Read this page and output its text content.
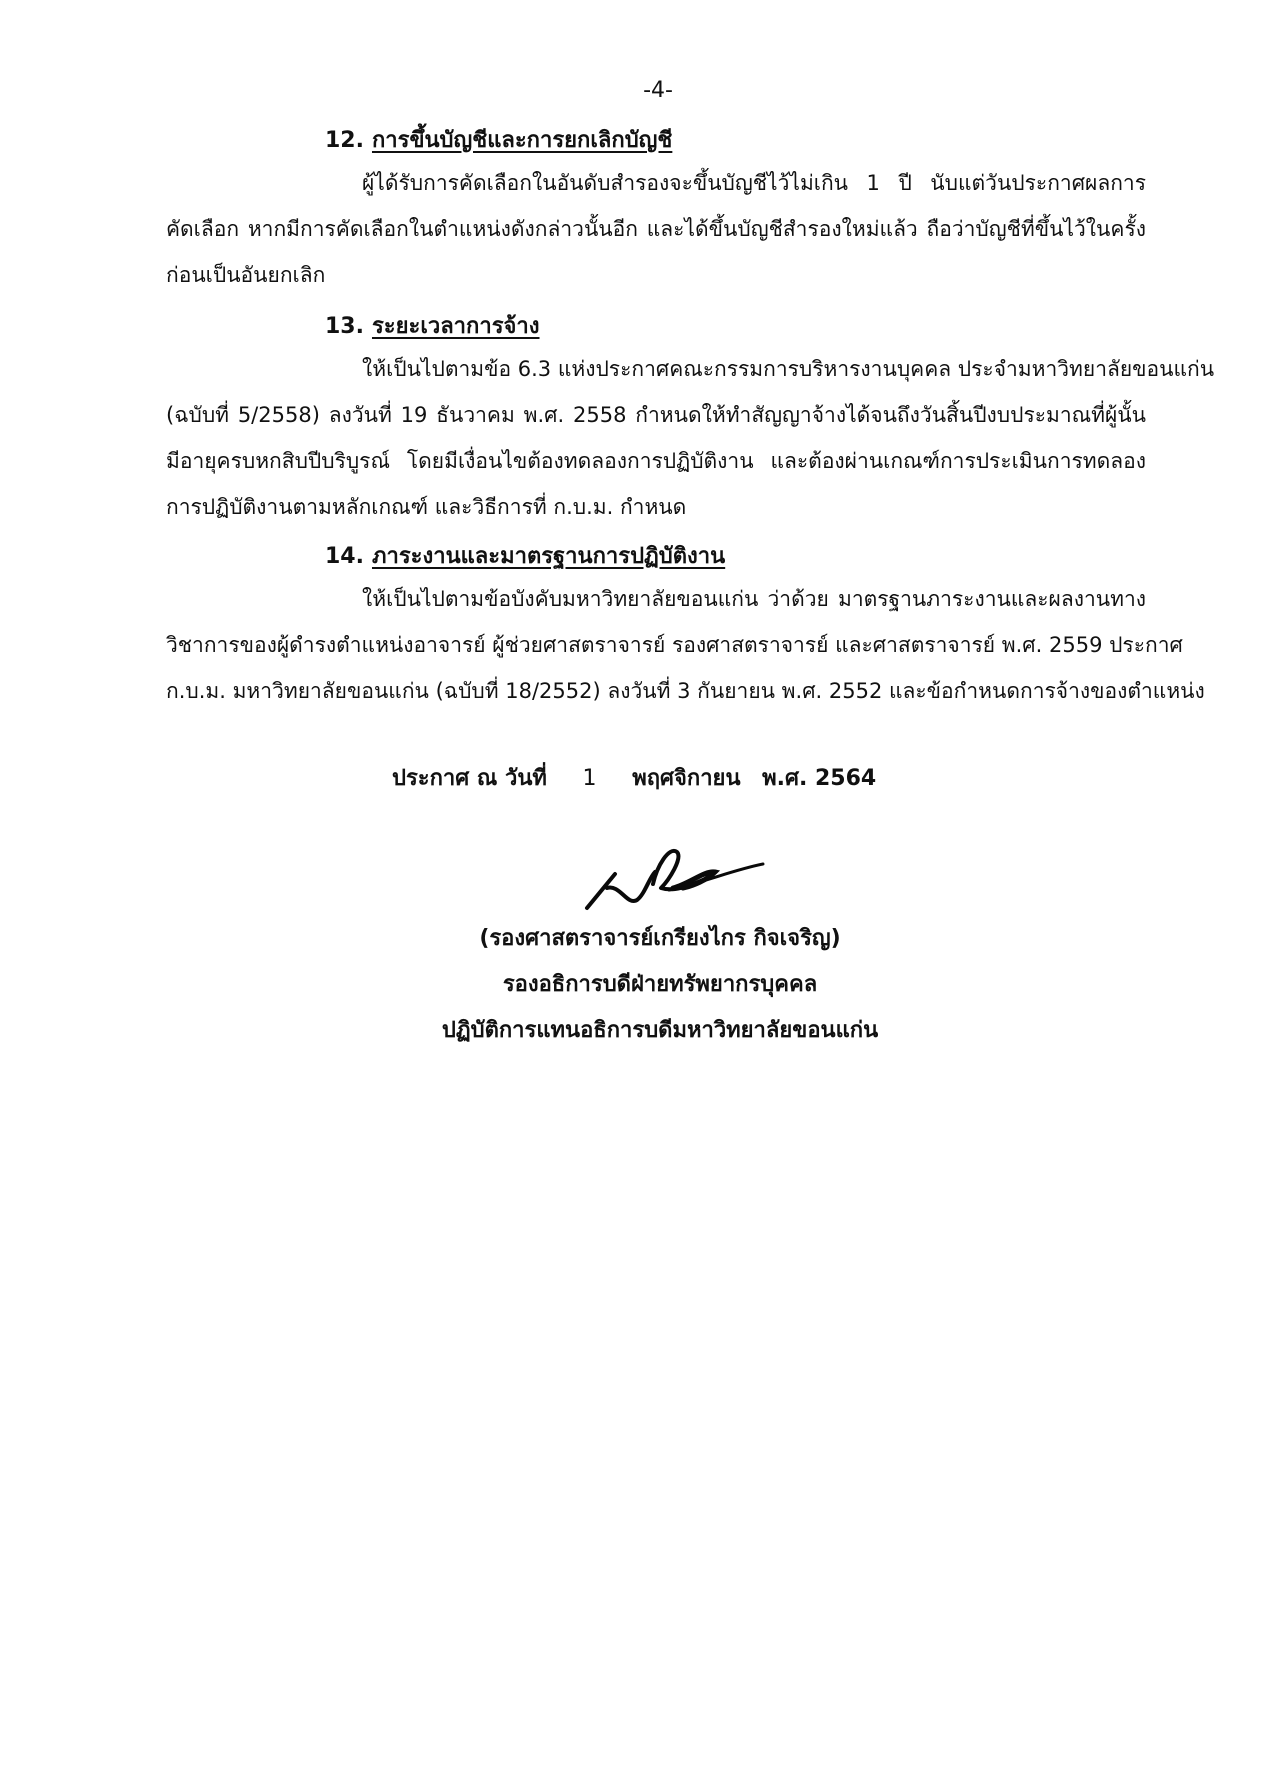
-4-
12. การขึ้นบัญชีและการยกเลิกบัญชี
ผู้ได้รับการคัดเลือกในอันดับสำรองจะขึ้นบัญชีไว้ไม่เกิน 1 ปี นับแต่วันประกาศผลการ
คัดเลือก หากมีการคัดเลือกในตำแหน่งดังกล่าวนั้นอีก และได้ขึ้นบัญชีสำรองใหม่แล้ว ถือว่าบัญชีที่ขึ้นไว้ในครั้ง
ก่อนเป็นอันยกเลิก
13. ระยะเวลาการจ้าง
ให้เป็นไปตามข้อ 6.3 แห่งประกาศคณะกรรมการบริหารงานบุคคล ประจำมหาวิทยาลัยขอนแก่น
(ฉบับที่ 5/2558) ลงวันที่ 19 ธันวาคม พ.ศ. 2558 กำหนดให้ทำสัญญาจ้างได้จนถึงวันสิ้นปีงบประมาณที่ผู้นั้น
มีอายุครบหกสิบปีบริบูรณ์ โดยมีเงื่อนไขต้องทดลองการปฏิบัติงาน และต้องผ่านเกณฑ์การประเมินการทดลอง
การปฏิบัติงานตามหลักเกณฑ์ และวิธีการที่ ก.บ.ม. กำหนด
14. ภาระงานและมาตรฐานการปฏิบัติงาน
ให้เป็นไปตามข้อบังคับมหาวิทยาลัยขอนแก่น ว่าด้วย มาตรฐานภาระงานและผลงานทาง
วิชาการของผู้ดำรงตำแหน่งอาจารย์ ผู้ช่วยศาสตราจารย์ รองศาสตราจารย์ และศาสตราจารย์ พ.ศ. 2559 ประกาศ
ก.บ.ม. มหาวิทยาลัยขอนแก่น (ฉบับที่ 18/2552) ลงวันที่ 3 กันยายน พ.ศ. 2552 และข้อกำหนดการจ้างของตำแหน่ง
ประกาศ ณ วันที่ 1 พฤศจิกายน พ.ศ. 2564
(รองศาสตราจารย์เกรียงไกร กิจเจริญ)
รองอธิการบดีฝ่ายทรัพยากรบุคคล
ปฏิบัติการแทนอธิการบดีมหาวิทยาลัยขอนแก่น
